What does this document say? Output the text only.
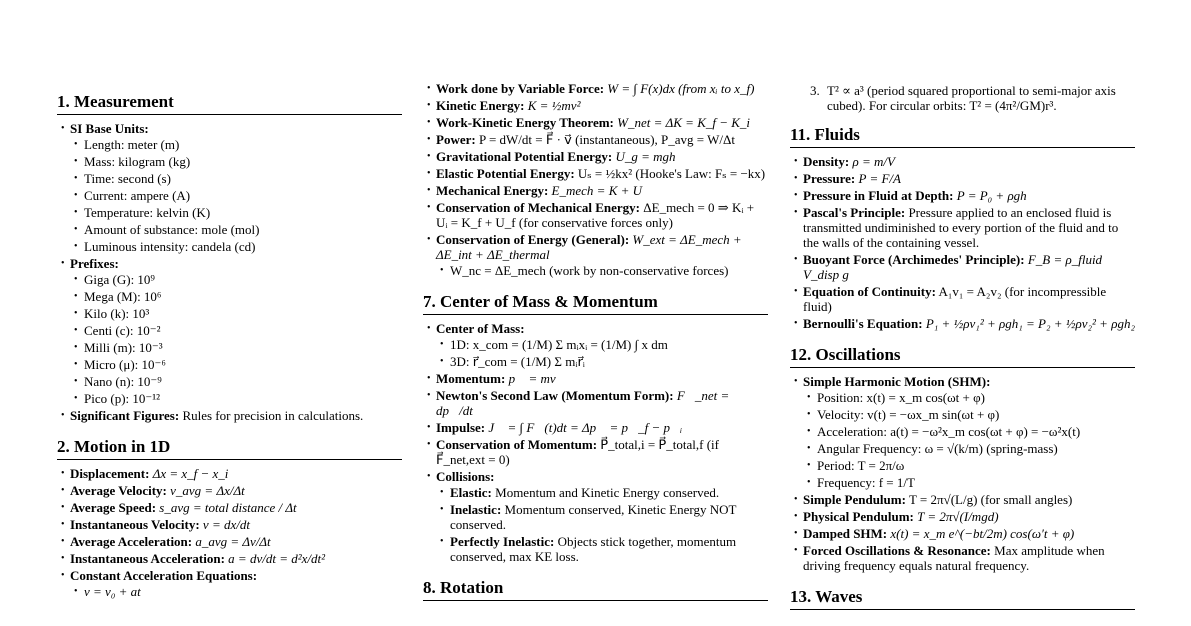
1. Measurement
• SI Base Units:
• Length: meter (m)
• Mass: kilogram (kg)
• Time: second (s)
• Current: ampere (A)
• Temperature: kelvin (K)
• Amount of substance: mole (mol)
• Luminous intensity: candela (cd)
• Prefixes:
• Giga (G): 10⁹
• Mega (M): 10⁶
• Kilo (k): 10³
• Centi (c): 10⁻²
• Milli (m): 10⁻³
• Micro (μ): 10⁻⁶
• Nano (n): 10⁻⁹
• Pico (p): 10⁻¹²
• Significant Figures: Rules for precision in calculations.
2. Motion in 1D
• Displacement: Δx = x_f − x_i
• Average Velocity: v_avg = Δx/Δt
• Average Speed: s_avg = total distance / Δt
• Instantaneous Velocity: v = dx/dt
• Average Acceleration: a_avg = Δv/Δt
• Instantaneous Acceleration: a = dv/dt = d²x/dt²
• Constant Acceleration Equations:
• v = v₀ + at
• Work done by Variable Force: W = ∫ F(x)dx (from xᵢ to x_f)
• Kinetic Energy: K = ½mv²
• Work-Kinetic Energy Theorem: W_net = ΔK = K_f − K_i
• Power: P = dW/dt = F⃗ · v⃗ (instantaneous), P_avg = W/Δt
• Gravitational Potential Energy: U_g = mgh
• Elastic Potential Energy: Uₛ = ½kx² (Hooke's Law: Fₛ = −kx)
• Mechanical Energy: E_mech = K + U
• Conservation of Mechanical Energy: ΔE_mech = 0 ⇒ Kᵢ + Uᵢ = K_f + U_f (for conservative forces only)
• Conservation of Energy (General): W_ext = ΔE_mech + ΔE_int + ΔE_thermal
• W_nc = ΔE_mech (work by non-conservative forces)
7. Center of Mass & Momentum
• Center of Mass:
• 1D: x_com = (1/M) Σ mᵢxᵢ = (1/M) ∫ x dm
• 3D: r⃗_com = (1/M) Σ mᵢr⃗ᵢ
• Momentum: p⃗ = mv⃗
• Newton's Second Law (Momentum Form): F⃗_net = dp⃗/dt
• Impulse: J⃗ = ∫ F⃗(t)dt = Δp⃗ = p⃗_f − p⃗ᵢ
• Conservation of Momentum: P⃗_total,i = P⃗_total,f (if F⃗_net,ext = 0)
• Collisions:
• Elastic: Momentum and Kinetic Energy conserved.
• Inelastic: Momentum conserved, Kinetic Energy NOT conserved.
• Perfectly Inelastic: Objects stick together, momentum conserved, max KE loss.
8. Rotation
3. T² ∝ a³ (period squared proportional to semi-major axis cubed). For circular orbits: T² = (4π²/GM)r³.
11. Fluids
• Density: ρ = m/V
• Pressure: P = F/A
• Pressure in Fluid at Depth: P = P₀ + ρgh
• Pascal's Principle: Pressure applied to an enclosed fluid is transmitted undiminished to every portion of the fluid and to the walls of the containing vessel.
• Buoyant Force (Archimedes' Principle): F_B = ρ_fluid V_disp g
• Equation of Continuity: A₁v₁ = A₂v₂ (for incompressible fluid)
• Bernoulli's Equation: P₁ + ½ρv₁² + ρgh₁ = P₂ + ½ρv₂² + ρgh₂
12. Oscillations
• Simple Harmonic Motion (SHM):
• Position: x(t) = x_m cos(ωt + φ)
• Velocity: v(t) = −ωx_m sin(ωt + φ)
• Acceleration: a(t) = −ω²x_m cos(ωt + φ) = −ω²x(t)
• Angular Frequency: ω = √(k/m) (spring-mass)
• Period: T = 2π/ω
• Frequency: f = 1/T
• Simple Pendulum: T = 2π√(L/g) (for small angles)
• Physical Pendulum: T = 2π√(I/mgd)
• Damped SHM: x(t) = x_m e^(−bt/2m) cos(ω′t + φ)
• Forced Oscillations & Resonance: Max amplitude when driving frequency equals natural frequency.
13. Waves
